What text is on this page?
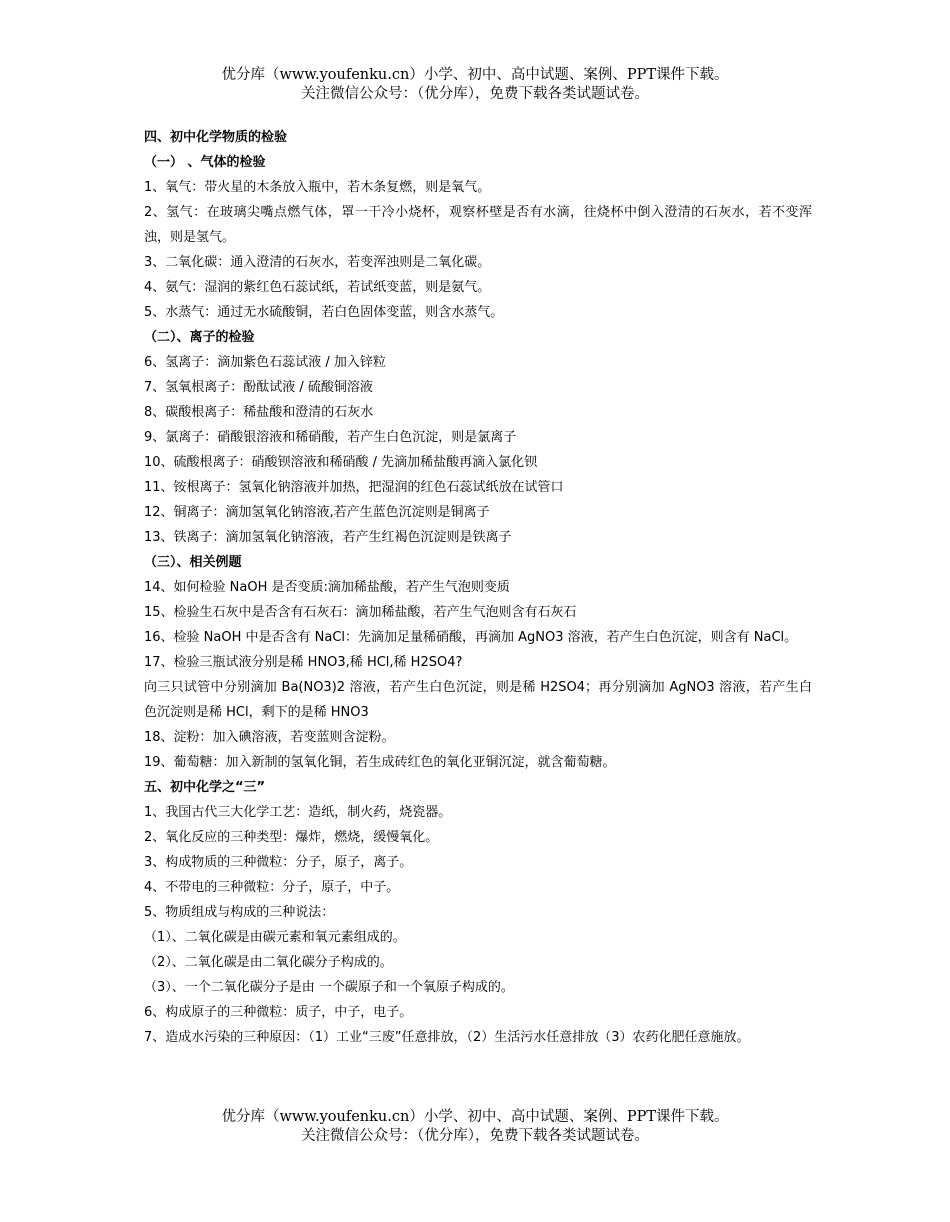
优分库（www.youfenku.cn）小学、初中、高中试题、案例、PPT课件下载。
关注微信公众号：（优分库），免费下载各类试题试卷。
四、初中化学物质的检验
（一） 、气体的检验
1、氧气：带火星的木条放入瓶中，若木条复燃，则是氧气。
2、氢气：在玻璃尖嘴点燃气体，罩一干冷小烧杯，观察杯壁是否有水滴，往烧杯中倒入澄清的石灰水，若不变浑浊，则是氢气。
3、二氧化碳：通入澄清的石灰水，若变浑浊则是二氧化碳。
4、氨气：湿润的紫红色石蕊试纸，若试纸变蓝，则是氨气。
5、水蒸气：通过无水硫酸铜，若白色固体变蓝，则含水蒸气。
（二）、离子的检验
6、氢离子：滴加紫色石蕊试液 / 加入锌粒
7、氢氧根离子：酚酞试液 / 硫酸铜溶液
8、碳酸根离子：稀盐酸和澄清的石灰水
9、氯离子：硝酸银溶液和稀硝酸，若产生白色沉淀，则是氯离子
10、硫酸根离子：硝酸钡溶液和稀硝酸 / 先滴加稀盐酸再滴入氯化钡
11、铵根离子：氢氧化钠溶液并加热，把湿润的红色石蕊试纸放在试管口
12、铜离子：滴加氢氧化钠溶液,若产生蓝色沉淀则是铜离子
13、铁离子：滴加氢氧化钠溶液，若产生红褐色沉淀则是铁离子
（三）、相关例题
14、如何检验 NaOH 是否变质:滴加稀盐酸，若产生气泡则变质
15、检验生石灰中是否含有石灰石：滴加稀盐酸，若产生气泡则含有石灰石
16、检验 NaOH 中是否含有 NaCl：先滴加足量稀硝酸，再滴加 AgNO3 溶液，若产生白色沉淀，则含有 NaCl。
17、检验三瓶试液分别是稀 HNO3,稀 HCl,稀 H2SO4?
向三只试管中分别滴加 Ba(NO3)2 溶液，若产生白色沉淀，则是稀 H2SO4；再分别滴加 AgNO3 溶液，若产生白色沉淀则是稀 HCl，剩下的是稀 HNO3
18、淀粉：加入碘溶液，若变蓝则含淀粉。
19、葡萄糖：加入新制的氢氧化铜，若生成砖红色的氧化亚铜沉淀，就含葡萄糖。
五、初中化学之“三”
1、我国古代三大化学工艺：造纸，制火药，烧瓷器。
2、氧化反应的三种类型：爆炸，燃烧，缓慢氧化。
3、构成物质的三种微粒：分子，原子，离子。
4、不带电的三种微粒：分子，原子，中子。
5、物质组成与构成的三种说法：
（1）、二氧化碳是由碳元素和氧元素组成的。
（2）、二氧化碳是由二氧化碳分子构成的。
（3）、一个二氧化碳分子是由 一个碳原子和一个氧原子构成的。
6、构成原子的三种微粒：质子，中子，电子。
7、造成水污染的三种原因：（1）工业“三废”任意排放，（2）生活污水任意排放（3）农药化肥任意施放。
优分库（www.youfenku.cn）小学、初中、高中试题、案例、PPT课件下载。
关注微信公众号：（优分库），免费下载各类试题试卷。
